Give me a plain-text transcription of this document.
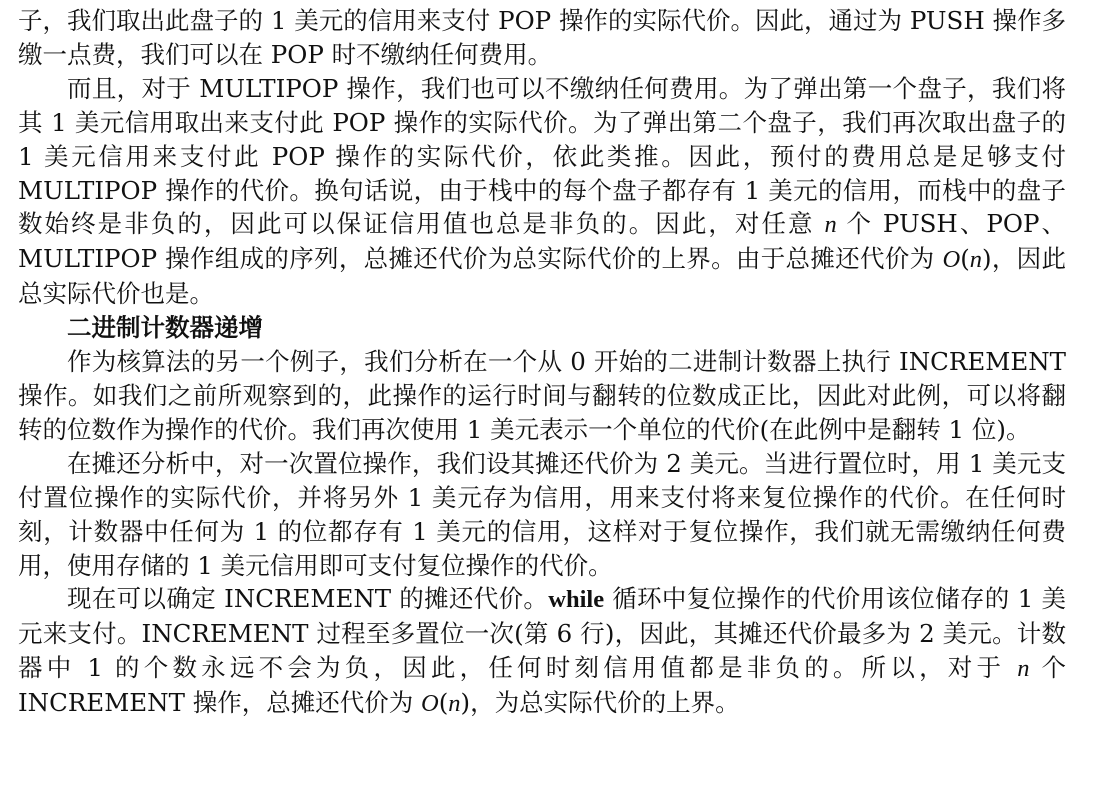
子，我们取出此盘子的 1 美元的信用来支付 POP 操作的实际代价。因此，通过为 PUSH 操作多缴一点费，我们可以在 POP 时不缴纳任何费用。

而且，对于 MULTIPOP 操作，我们也可以不缴纳任何费用。为了弹出第一个盘子，我们将其 1 美元信用取出来支付此 POP 操作的实际代价。为了弹出第二个盘子，我们再次取出盘子的 1 美元信用来支付此 POP 操作的实际代价，依此类推。因此，预付的费用总是足够支付 MULTIPOP 操作的代价。换句话说，由于栈中的每个盘子都存有 1 美元的信用，而栈中的盘子数始终是非负的，因此可以保证信用值也总是非负的。因此，对任意 n 个 PUSH、POP、MULTIPOP 操作组成的序列，总摊还代价为总实际代价的上界。由于总摊还代价为 O(n)，因此总实际代价也是。

二进制计数器递增

作为核算法的另一个例子，我们分析在一个从 0 开始的二进制计数器上执行 INCREMENT 操作。如我们之前所观察到的，此操作的运行时间与翻转的位数成正比，因此对此例，可以将翻转的位数作为操作的代价。我们再次使用 1 美元表示一个单位的代价(在此例中是翻转 1 位)。

在摊还分析中，对一次置位操作，我们设其摊还代价为 2 美元。当进行置位时，用 1 美元支付置位操作的实际代价，并将另外 1 美元存为信用，用来支付将来复位操作的代价。在任何时刻，计数器中任何为 1 的位都存有 1 美元的信用，这样对于复位操作，我们就无需缴纳任何费用，使用存储的 1 美元信用即可支付复位操作的代价。

现在可以确定 INCREMENT 的摊还代价。while 循环中复位操作的代价用该位储存的 1 美元来支付。INCREMENT 过程至多置位一次(第 6 行)，因此，其摊还代价最多为 2 美元。计数器中 1 的个数永远不会为负，因此，任何时刻信用值都是非负的。所以，对于 n 个 INCREMENT 操作，总摊还代价为 O(n)，为总实际代价的上界。
